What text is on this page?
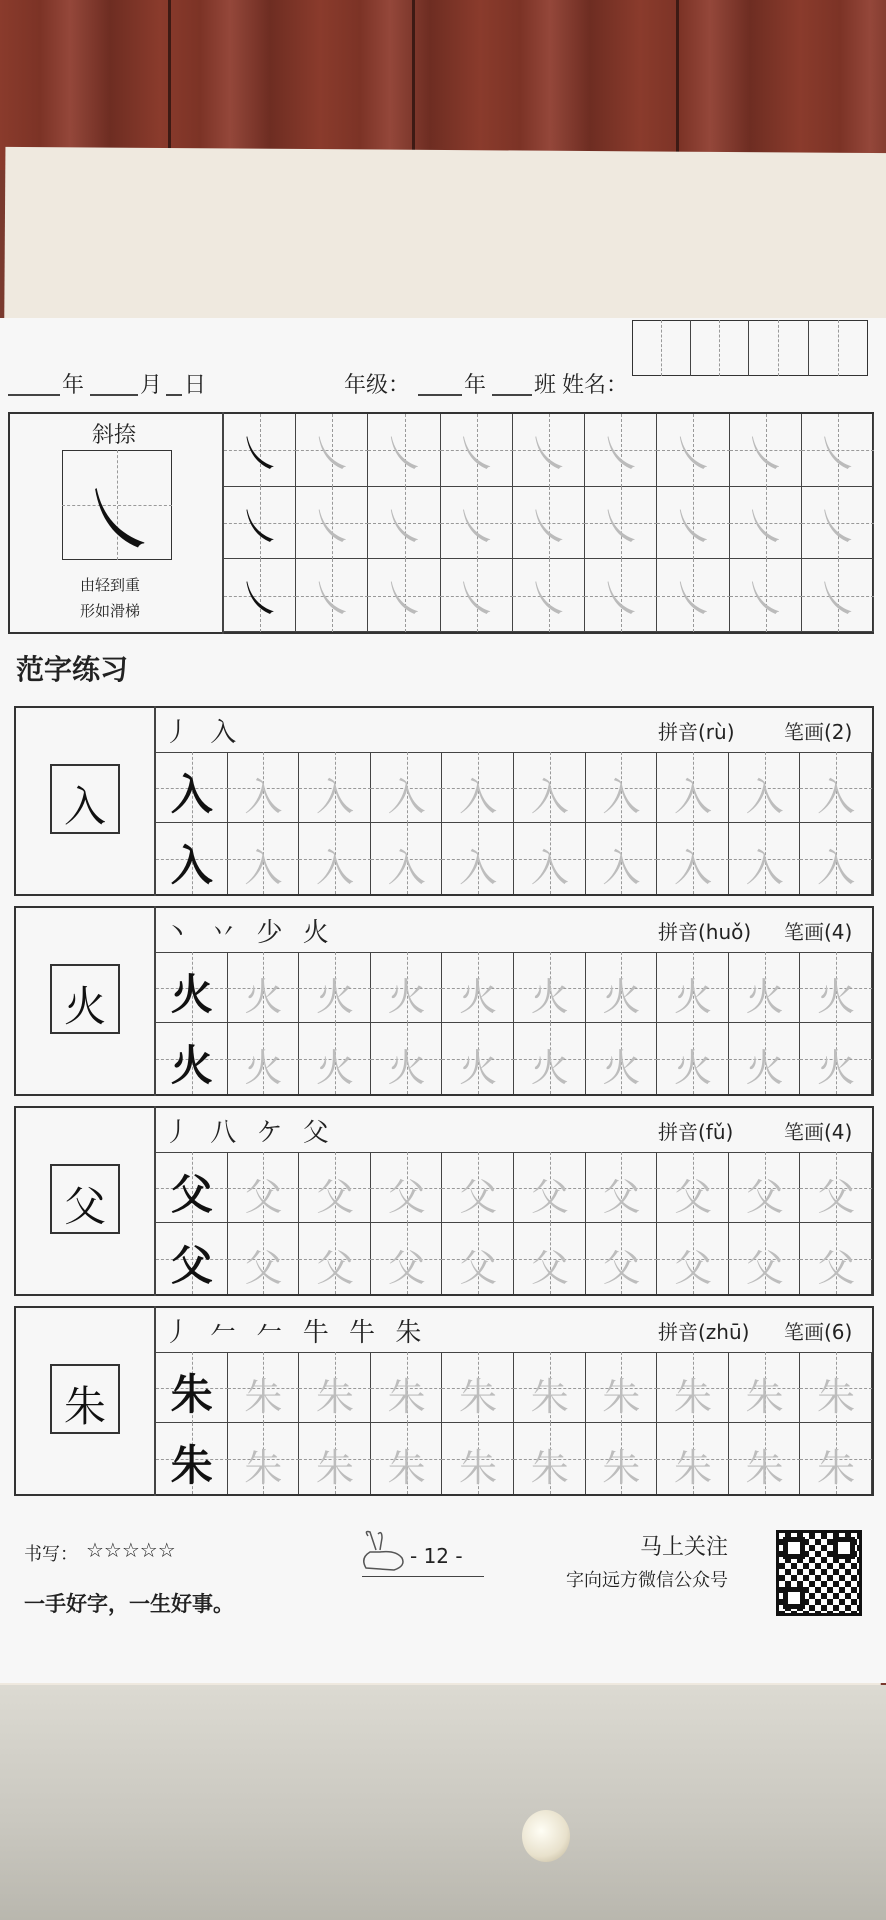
年	月 日	年级： 年 班 姓名：
斜捺
㇏
由轻到重
形如滑梯
㇏ ㇏ ㇏ ㇏ ㇏ ㇏ ㇏ ㇏ ㇏
㇏ ㇏ ㇏ ㇏ ㇏ ㇏ ㇏ ㇏ ㇏
㇏ ㇏ ㇏ ㇏ ㇏ ㇏ ㇏ ㇏ ㇏
范字练习
入
丿 入	拼音(rù) 笔画(2)
入 入 入 入 入 入 入 入 入 入
入 入 入 入 入 入 入 入 入 入
火
丶 丷 少 火	拼音(huǒ) 笔画(4)
火 火 火 火 火 火 火 火 火 火
火 火 火 火 火 火 火 火 火 火
父
丿 八 ケ 父	拼音(fǔ)	笔画(4)
父 父 父 父 父 父 父 父 父 父
父 父 父 父 父 父 父 父 父 父
朱
丿 𠂉 𠂉 牛 牛 朱	拼音(zhū) 笔画(6)
朱 朱 朱 朱 朱 朱 朱 朱 朱 朱
朱 朱 朱 朱 朱 朱 朱 朱 朱 朱
书写： ☆☆☆☆☆
一手好字，一生好事。
- 12 -	马上关注
字向远方微信公众号
